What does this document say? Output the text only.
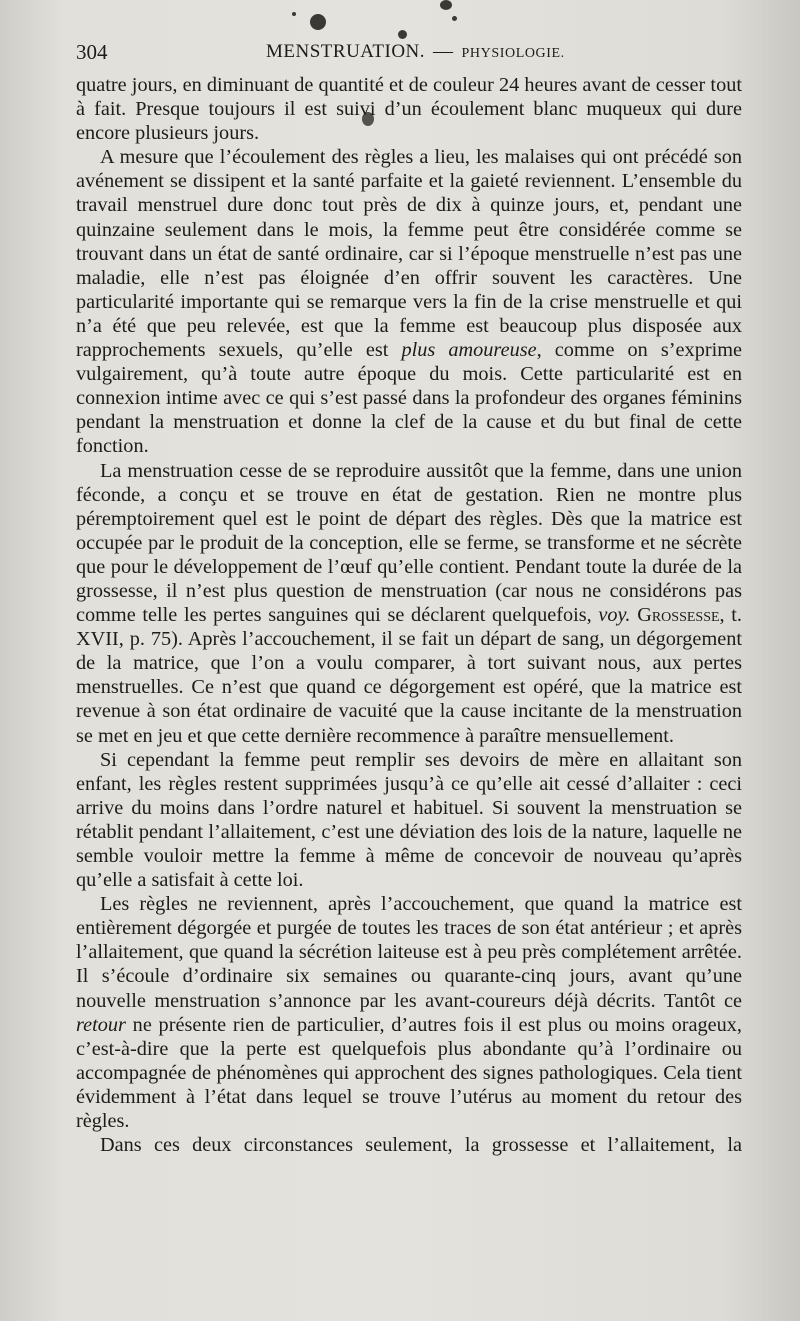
304	MENSTRUATION. — PHYSIOLOGIE.

quatre jours, en diminuant de quantité et de couleur 24 heures avant de cesser tout à fait. Presque toujours il est suivi d’un écoulement blanc muqueux qui dure encore plusieurs jours.

A mesure que l’écoulement des règles a lieu, les malaises qui ont précédé son avénement se dissipent et la santé parfaite et la gaieté reviennent. L’ensemble du travail menstruel dure donc tout près de dix à quinze jours, et, pendant une quinzaine seulement dans le mois, la femme peut être considérée comme se trouvant dans un état de santé ordinaire, car si l’époque menstruelle n’est pas une maladie, elle n’est pas éloignée d’en offrir souvent les caractères. Une particularité importante qui se remarque vers la fin de la crise menstruelle et qui n’a été que peu relevée, est que la femme est beaucoup plus disposée aux rapprochements sexuels, qu’elle est plus amoureuse, comme on s’exprime vulgairement, qu’à toute autre époque du mois. Cette particularité est en connexion intime avec ce qui s’est passé dans la profondeur des organes féminins pendant la menstruation et donne la clef de la cause et du but final de cette fonction.

La menstruation cesse de se reproduire aussitôt que la femme, dans une union féconde, a conçu et se trouve en état de gestation. Rien ne montre plus péremptoirement quel est le point de départ des règles. Dès que la matrice est occupée par le produit de la conception, elle se ferme, se transforme et ne sécrète que pour le développement de l’œuf qu’elle contient. Pendant toute la durée de la grossesse, il n’est plus question de menstruation (car nous ne considérons pas comme telle les pertes sanguines qui se déclarent quelquefois, voy. Grossesse, t. XVII, p. 75). Après l’accouchement, il se fait un départ de sang, un dégorgement de la matrice, que l’on a voulu comparer, à tort suivant nous, aux pertes menstruelles. Ce n’est que quand ce dégorgement est opéré, que la matrice est revenue à son état ordinaire de vacuité que la cause incitante de la menstruation se met en jeu et que cette dernière recommence à paraître mensuellement.

Si cependant la femme peut remplir ses devoirs de mère en allaitant son enfant, les règles restent supprimées jusqu’à ce qu’elle ait cessé d’allaiter : ceci arrive du moins dans l’ordre naturel et habituel. Si souvent la menstruation se rétablit pendant l’allaitement, c’est une déviation des lois de la nature, laquelle ne semble vouloir mettre la femme à même de concevoir de nouveau qu’après qu’elle a satisfait à cette loi.

Les règles ne reviennent, après l’accouchement, que quand la matrice est entièrement dégorgée et purgée de toutes les traces de son état antérieur ; et après l’allaitement, que quand la sécrétion laiteuse est à peu près complétement arrêtée. Il s’écoule d’ordinaire six semaines ou quarante-cinq jours, avant qu’une nouvelle menstruation s’annonce par les avant-coureurs déjà décrits. Tantôt ce retour ne présente rien de particulier, d’autres fois il est plus ou moins orageux, c’est-à-dire que la perte est quelquefois plus abondante qu’à l’ordinaire ou accompagnée de phénomènes qui approchent des signes pathologiques. Cela tient évidemment à l’état dans lequel se trouve l’utérus au moment du retour des règles.

Dans ces deux circonstances seulement, la grossesse et l’allaitement, la
